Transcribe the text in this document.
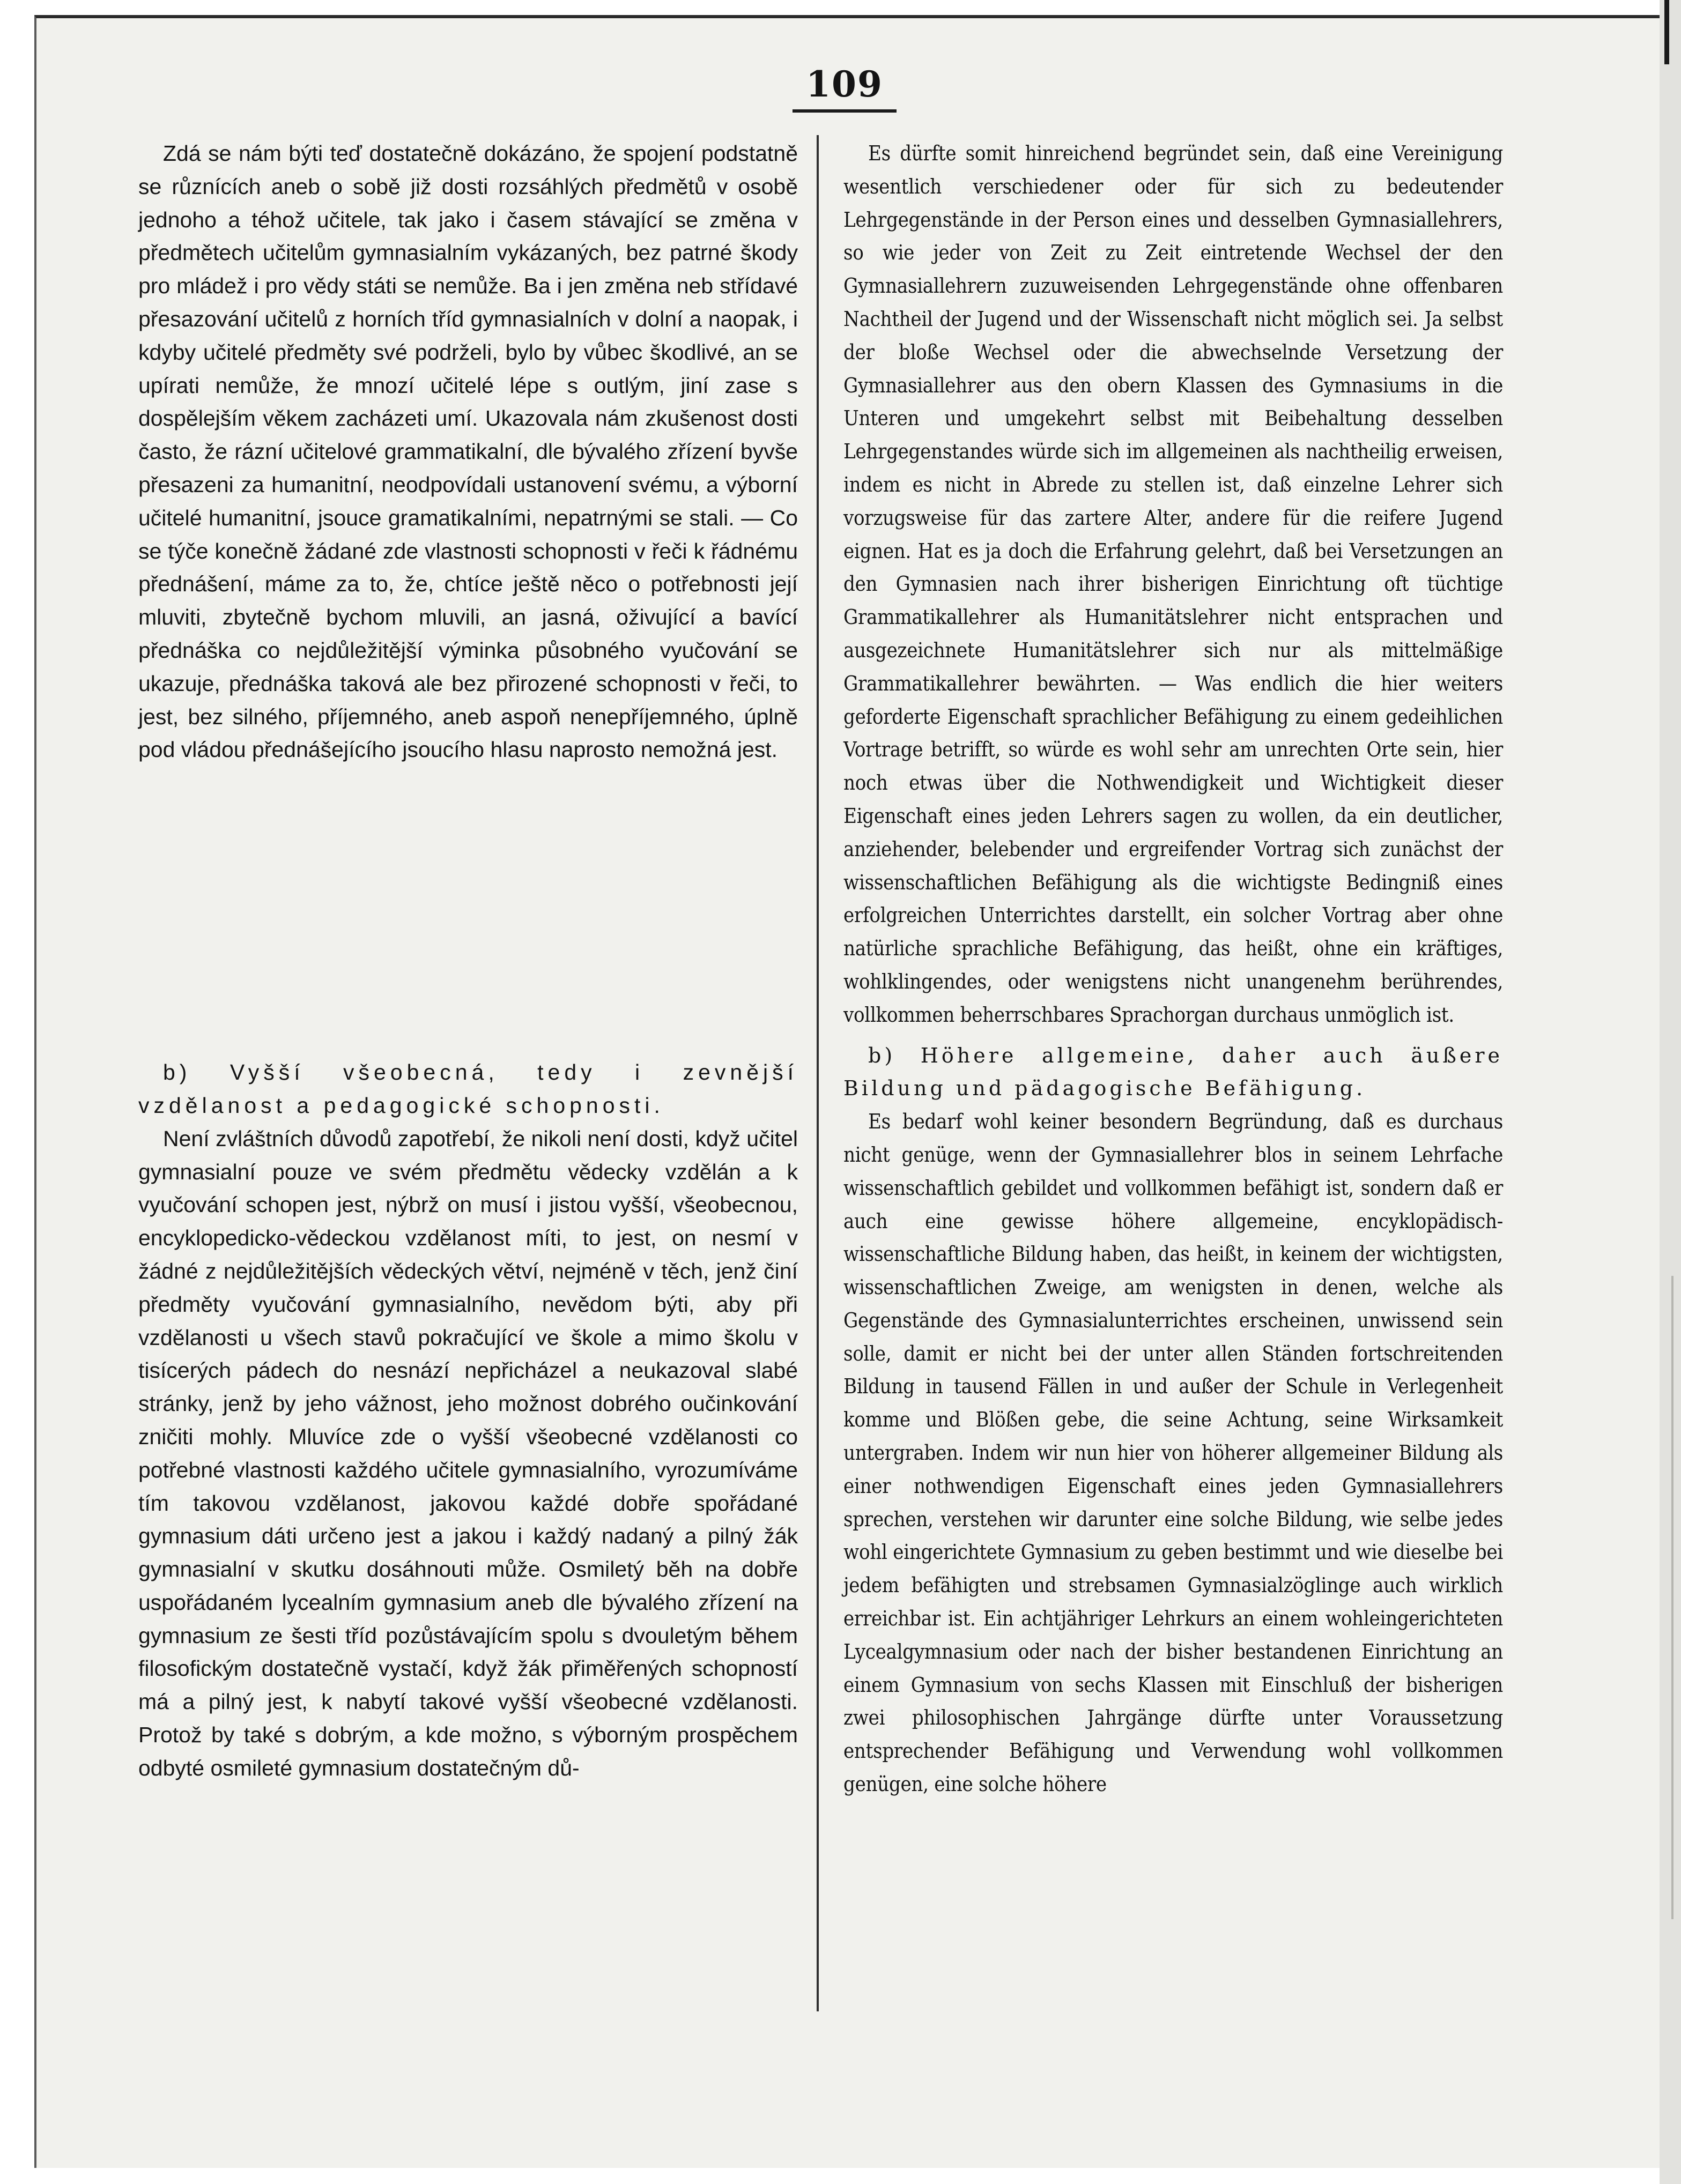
109

Zdá se nám býti teď dostatečně dokázáno, že spojení podstatně se různících aneb o sobě již dosti rozsáhlých předmětů v osobě jednoho a téhož učitele, tak jako i časem stávající se změna v předmětech učitelům gymnasialním vykázaných, bez patrné škody pro mládež i pro vědy státi se nemůže. Ba i jen změna neb střídavé přesazování učitelů z horních tříd gymnasialních v dolní a naopak, i kdyby učitelé předměty své podrželi, bylo by vůbec škodlivé, an se upírati nemůže, že mnozí učitelé lépe s outlým, jiní zase s dospělejším věkem zacházeti umí. Ukazovala nám zkušenost dosti často, že rázní učitelové grammatikalní, dle bývalého zřízení byvše přesazeni za humanitní, neodpovídali ustanovení svému, a výborní učitelé humanitní, jsouce gramatikalními, nepatrnými se stali. — Co se týče konečně žádané zde vlastnosti schopnosti v řeči k řádnému přednášení, máme za to, že, chtíce ještě něco o potřebnosti její mluviti, zbytečně bychom mluvili, an jasná, oživující a bavící přednáška co nejdůležitější výminka působného vyučování se ukazuje, přednáška taková ale bez přirozené schopnosti v řeči, to jest, bez silného, příjemného, aneb aspoň nenepříjemného, úplně pod vládou přednášejícího jsoucího hlasu naprosto nemožná jest.

b) Vyšší všeobecná, tedy i zevnější vzdělanost a pedagogické schopnosti.

Není zvláštních důvodů zapotřebí, že nikoli není dosti, když učitel gymnasialní pouze ve svém předmětu vědecky vzdělán a k vyučování schopen jest, nýbrž on musí i jistou vyšší, všeobecnou, encyklopedicko-vědeckou vzdělanost míti, to jest, on nesmí v žádné z nejdůležitějších vědeckých větví, nejméně v těch, jenž činí předměty vyučování gymnasialního, nevědom býti, aby při vzdělanosti u všech stavů pokračující ve škole a mimo školu v tisícerých pádech do nesnází nepřicházel a neukazoval slabé stránky, jenž by jeho vážnost, jeho možnost dobrého oučinkování zničiti mohly. Mluvíce zde o vyšší všeobecné vzdělanosti co potřebné vlastnosti každého učitele gymnasialního, vyrozumíváme tím takovou vzdělanost, jakovou každé dobře spořádané gymnasium dáti určeno jest a jakou i každý nadaný a pilný žák gymnasialní v skutku dosáhnouti může. Osmiletý běh na dobře uspořádaném lycealním gymnasium aneb dle bývalého zřízení na gymnasium ze šesti tříd pozůstávajícím spolu s dvouletým během filosofickým dostatečně vystačí, když žák přiměřených schopností má a pilný jest, k nabytí takové vyšší všeobecné vzdělanosti. Protož by také s dobrým, a kde možno, s výborným prospěchem odbyté osmileté gymnasium dostatečným dů-

Es dürfte somit hinreichend begründet sein, daß eine Vereinigung wesentlich verschiedener oder für sich zu bedeutender Lehrgegenstände in der Person eines und desselben Gymnasiallehrers, so wie jeder von Zeit zu Zeit eintretende Wechsel der den Gymnasiallehrern zuzuweisenden Lehrgegenstände ohne offenbaren Nachtheil der Jugend und der Wissenschaft nicht möglich sei. Ja selbst der bloße Wechsel oder die abwechselnde Versetzung der Gymnasiallehrer aus den obern Klassen des Gymnasiums in die Unteren und umgekehrt selbst mit Beibehaltung desselben Lehrgegenstandes würde sich im allgemeinen als nachtheilig erweisen, indem es nicht in Abrede zu stellen ist, daß einzelne Lehrer sich vorzugsweise für das zartere Alter, andere für die reifere Jugend eignen. Hat es ja doch die Erfahrung gelehrt, daß bei Versetzungen an den Gymnasien nach ihrer bisherigen Einrichtung oft tüchtige Grammatikallehrer als Humanitätslehrer nicht entsprachen und ausgezeichnete Humanitätslehrer sich nur als mittelmäßige Grammatikallehrer bewährten. — Was endlich die hier weiters geforderte Eigenschaft sprachlicher Befähigung zu einem gedeihlichen Vortrage betrifft, so würde es wohl sehr am unrechten Orte sein, hier noch etwas über die Nothwendigkeit und Wichtigkeit dieser Eigenschaft eines jeden Lehrers sagen zu wollen, da ein deutlicher, anziehender, belebender und ergreifender Vortrag sich zunächst der wissenschaftlichen Befähigung als die wichtigste Bedingniß eines erfolgreichen Unterrichtes darstellt, ein solcher Vortrag aber ohne natürliche sprachliche Befähigung, das heißt, ohne ein kräftiges, wohlklingendes, oder wenigstens nicht unangenehm berührendes, vollkommen beherrschbares Sprachorgan durchaus unmöglich ist.

b) Höhere allgemeine, daher auch äußere Bildung und pädagogische Befähigung.

Es bedarf wohl keiner besondern Begründung, daß es durchaus nicht genüge, wenn der Gymnasiallehrer blos in seinem Lehrfache wissenschaftlich gebildet und vollkommen befähigt ist, sondern daß er auch eine gewisse höhere allgemeine, encyklopädisch-wissenschaftliche Bildung haben, das heißt, in keinem der wichtigsten, wissenschaftlichen Zweige, am wenigsten in denen, welche als Gegenstände des Gymnasialunterrichtes erscheinen, unwissend sein solle, damit er nicht bei der unter allen Ständen fortschreitenden Bildung in tausend Fällen in und außer der Schule in Verlegenheit komme und Blößen gebe, die seine Achtung, seine Wirksamkeit untergraben. Indem wir nun hier von höherer allgemeiner Bildung als einer nothwendigen Eigenschaft eines jeden Gymnasiallehrers sprechen, verstehen wir darunter eine solche Bildung, wie selbe jedes wohl eingerichtete Gymnasium zu geben bestimmt und wie dieselbe bei jedem befähigten und strebsamen Gymnasialzöglinge auch wirklich erreichbar ist. Ein achtjähriger Lehrkurs an einem wohleingerichteten Lycealgymnasium oder nach der bisher bestandenen Einrichtung an einem Gymnasium von sechs Klassen mit Einschluß der bisherigen zwei philosophischen Jahrgänge dürfte unter Voraussetzung entsprechender Befähigung und Verwendung wohl vollkommen genügen, eine solche höhere
